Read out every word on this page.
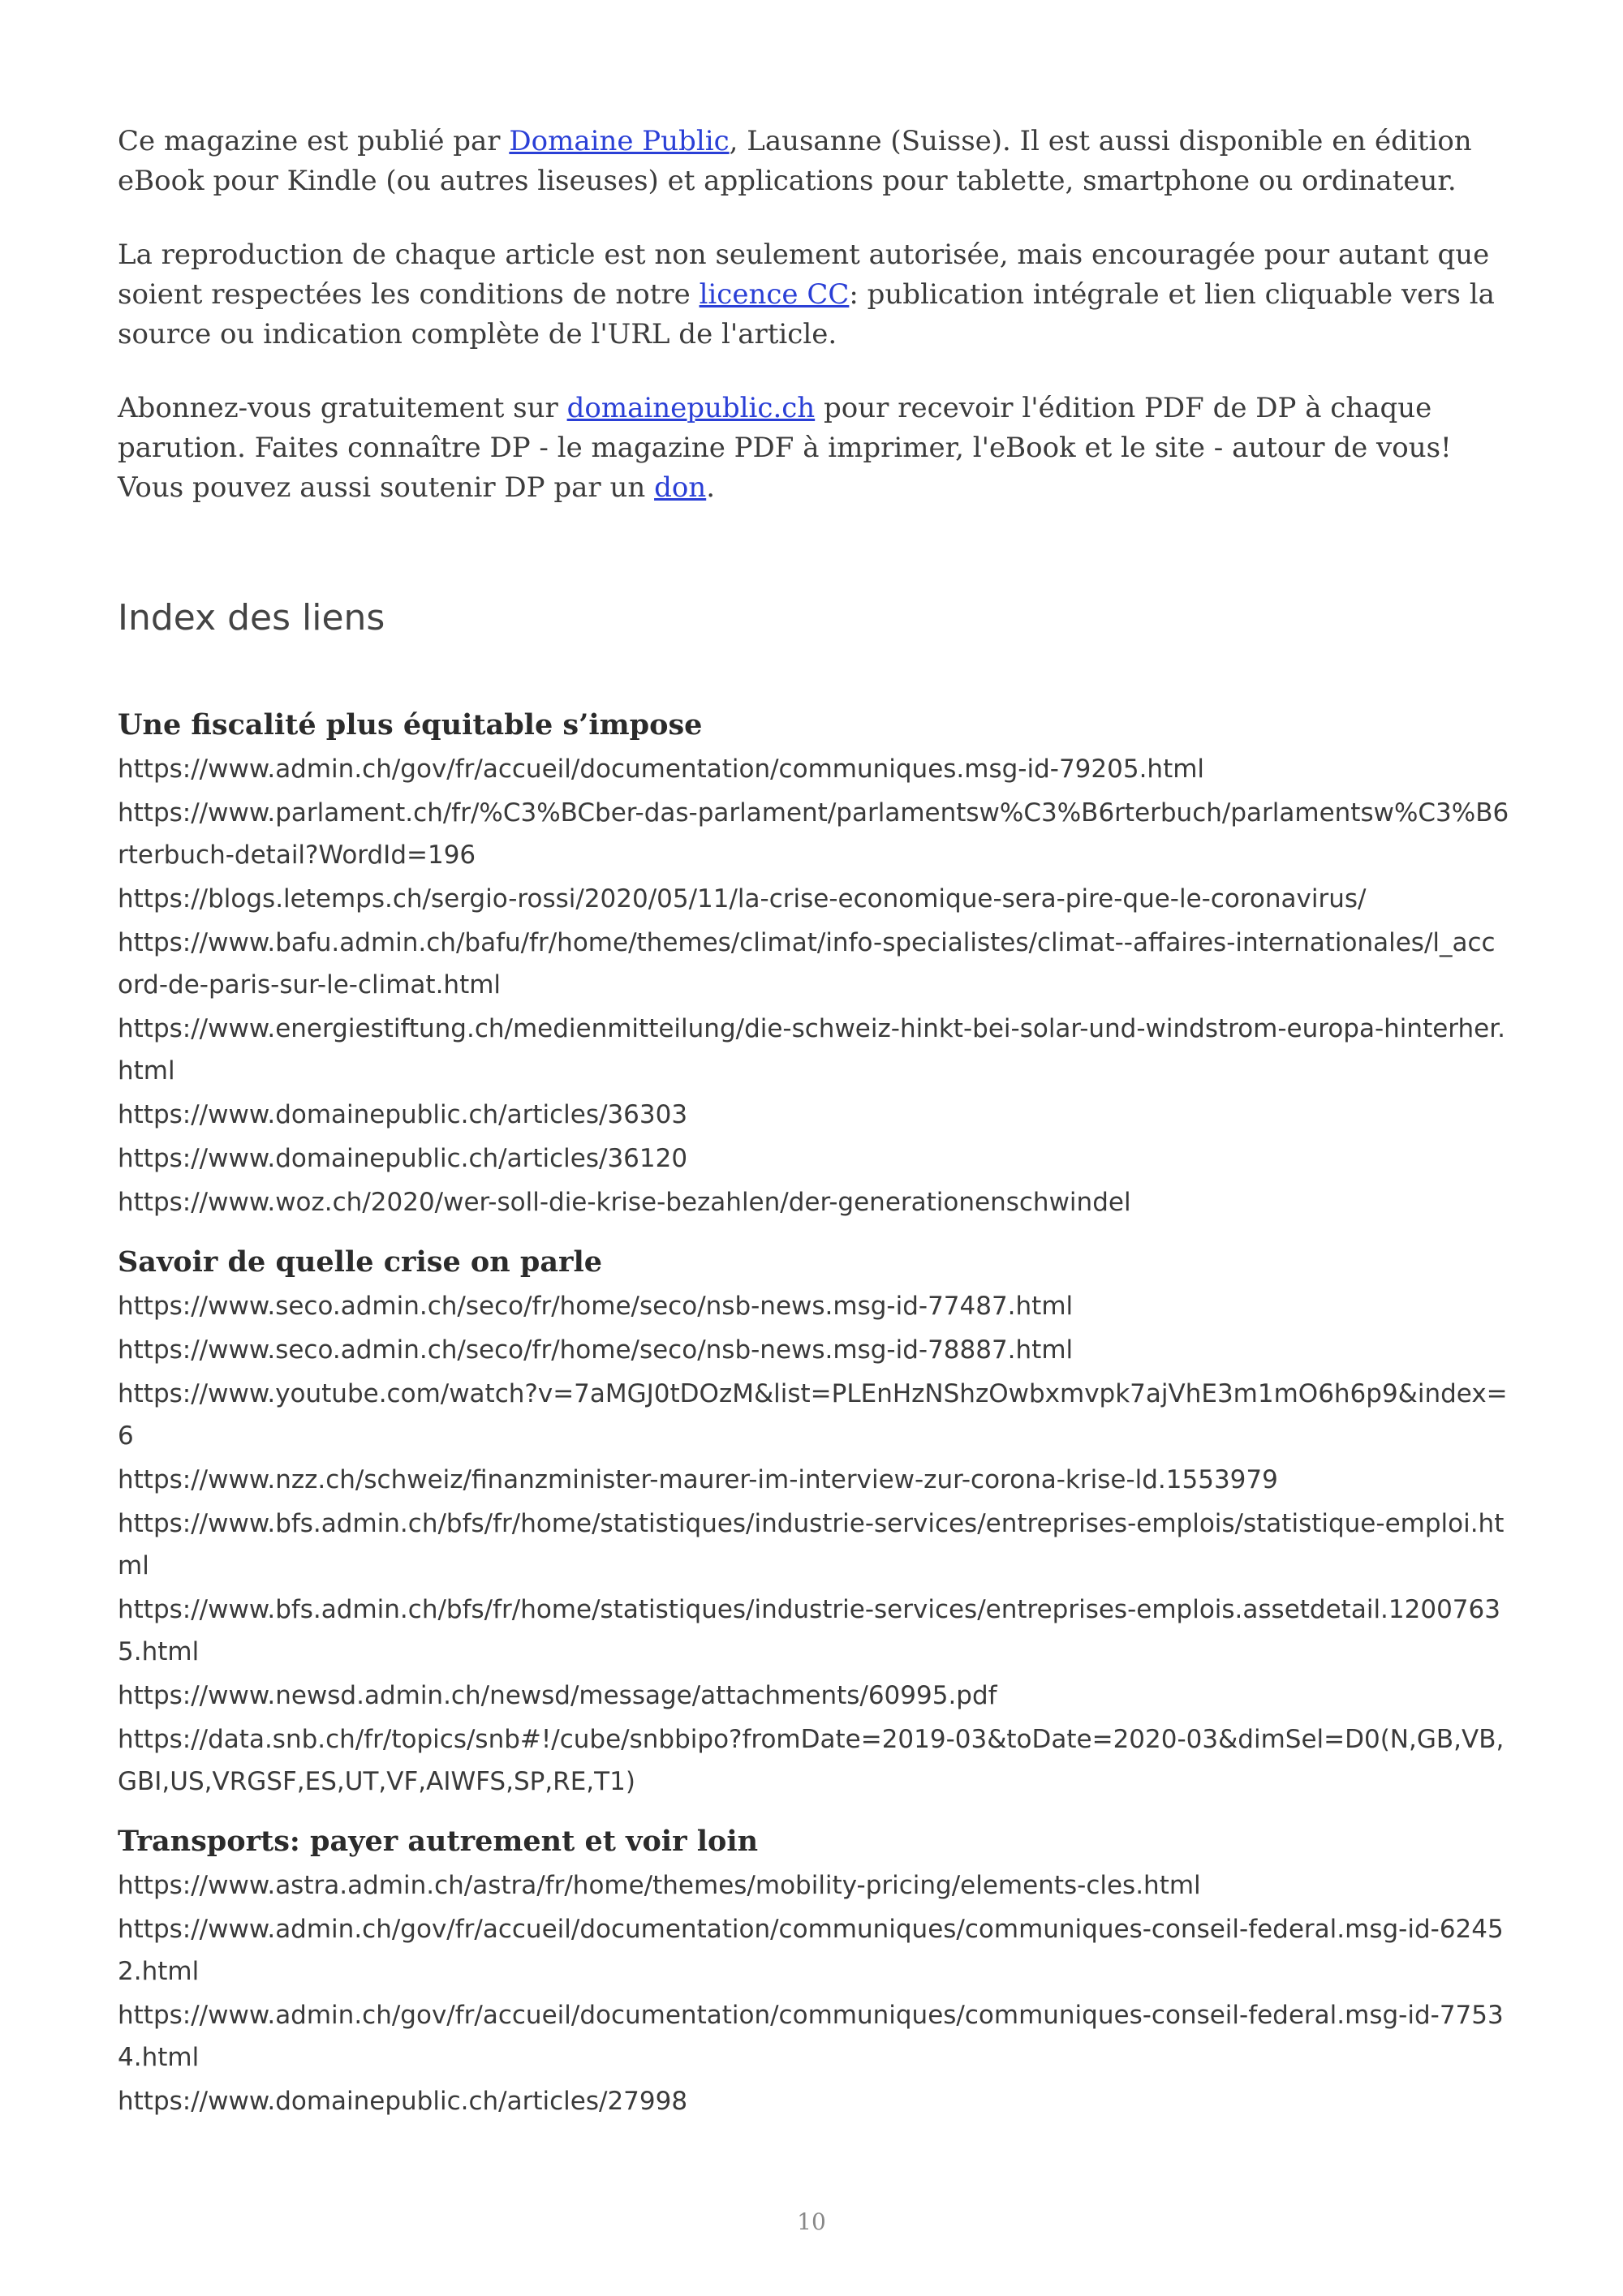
Ce magazine est publié par Domaine Public, Lausanne (Suisse). Il est aussi disponible en édition eBook pour Kindle (ou autres liseuses) et applications pour tablette, smartphone ou ordinateur.

La reproduction de chaque article est non seulement autorisée, mais encouragée pour autant que soient respectées les conditions de notre licence CC: publication intégrale et lien cliquable vers la source ou indication complète de l'URL de l'article.

Abonnez-vous gratuitement sur domainepublic.ch pour recevoir l'édition PDF de DP à chaque parution. Faites connaître DP - le magazine PDF à imprimer, l'eBook et le site - autour de vous! Vous pouvez aussi soutenir DP par un don.

Index des liens
Une fiscalité plus équitable s’impose
https://www.admin.ch/gov/fr/accueil/documentation/communiques.msg-id-79205.html
https://www.parlament.ch/fr/%C3%BCber-das-parlament/parlamentsw%C3%B6rterbuch/parlamentsw%C3%B6rterbuch-detail?WordId=196
https://blogs.letemps.ch/sergio-rossi/2020/05/11/la-crise-economique-sera-pire-que-le-coronavirus/
https://www.bafu.admin.ch/bafu/fr/home/themes/climat/info-specialistes/climat--affaires-internationales/l_accord-de-paris-sur-le-climat.html
https://www.energiestiftung.ch/medienmitteilung/die-schweiz-hinkt-bei-solar-und-windstrom-europa-hinterher.html
https://www.domainepublic.ch/articles/36303
https://www.domainepublic.ch/articles/36120
https://www.woz.ch/2020/wer-soll-die-krise-bezahlen/der-generationenschwindel
Savoir de quelle crise on parle
https://www.seco.admin.ch/seco/fr/home/seco/nsb-news.msg-id-77487.html
https://www.seco.admin.ch/seco/fr/home/seco/nsb-news.msg-id-78887.html
https://www.youtube.com/watch?v=7aMGJ0tDOzM&list=PLEnHzNShzOwbxmvpk7ajVhE3m1mO6h6p9&index=6
https://www.nzz.ch/schweiz/finanzminister-maurer-im-interview-zur-corona-krise-ld.1553979
https://www.bfs.admin.ch/bfs/fr/home/statistiques/industrie-services/entreprises-emplois/statistique-emploi.html
https://www.bfs.admin.ch/bfs/fr/home/statistiques/industrie-services/entreprises-emplois.assetdetail.12007635.html
https://www.newsd.admin.ch/newsd/message/attachments/60995.pdf
https://data.snb.ch/fr/topics/snb#!/cube/snbbipo?fromDate=2019-03&toDate=2020-03&dimSel=D0(N,GB,VB,GBI,US,VRGSF,ES,UT,VF,AIWFS,SP,RE,T1)
Transports: payer autrement et voir loin
https://www.astra.admin.ch/astra/fr/home/themes/mobility-pricing/elements-cles.html
https://www.admin.ch/gov/fr/accueil/documentation/communiques/communiques-conseil-federal.msg-id-62452.html
https://www.admin.ch/gov/fr/accueil/documentation/communiques/communiques-conseil-federal.msg-id-77534.html
https://www.domainepublic.ch/articles/27998
10
